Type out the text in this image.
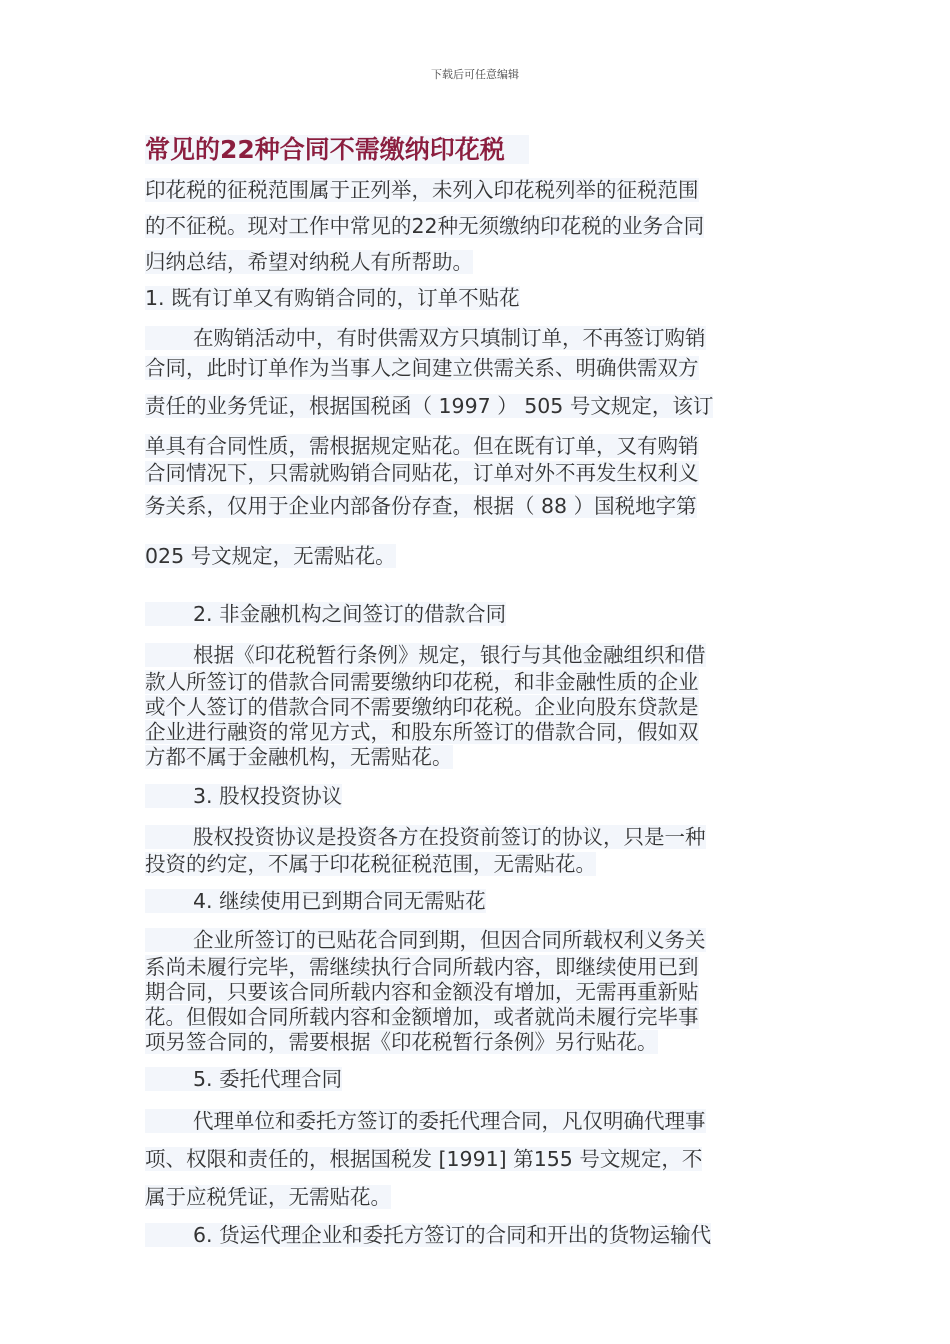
下载后可任意编辑
常见的22种合同不需缴纳印花税
印花税的征税范围属于正列举，未列入印花税列举的征税范围
的不征税。现对工作中常见的22种无须缴纳印花税的业务合同
归纳总结，希望对纳税人有所帮助。
1. 既有订单又有购销合同的，订单不贴花
在购销活动中，有时供需双方只填制订单，不再签订购销
合同，此时订单作为当事人之间建立供需关系、明确供需双方
责任的业务凭证，根据国税函（ 1997 ） 505 号文规定，该订
单具有合同性质，需根据规定贴花。但在既有订单，又有购销
合同情况下，只需就购销合同贴花，订单对外不再发生权利义
务关系，仅用于企业内部备份存查，根据（ 88 ）国税地字第
025 号文规定，无需贴花。
2. 非金融机构之间签订的借款合同
根据《印花税暂行条例》规定，银行与其他金融组织和借
款人所签订的借款合同需要缴纳印花税，和非金融性质的企业
或个人签订的借款合同不需要缴纳印花税。企业向股东贷款是
企业进行融资的常见方式，和股东所签订的借款合同，假如双
方都不属于金融机构，无需贴花。
3. 股权投资协议
股权投资协议是投资各方在投资前签订的协议，只是一种
投资的约定，不属于印花税征税范围，无需贴花。
4. 继续使用已到期合同无需贴花
企业所签订的已贴花合同到期，但因合同所载权利义务关
系尚未履行完毕，需继续执行合同所载内容，即继续使用已到
期合同，只要该合同所载内容和金额没有增加，无需再重新贴
花。但假如合同所载内容和金额增加，或者就尚未履行完毕事
项另签合同的，需要根据《印花税暂行条例》另行贴花。
5. 委托代理合同
代理单位和委托方签订的委托代理合同，凡仅明确代理事
项、权限和责任的，根据国税发 [1991] 第155 号文规定，不
属于应税凭证，无需贴花。
6. 货运代理企业和委托方签订的合同和开出的货物运输代
